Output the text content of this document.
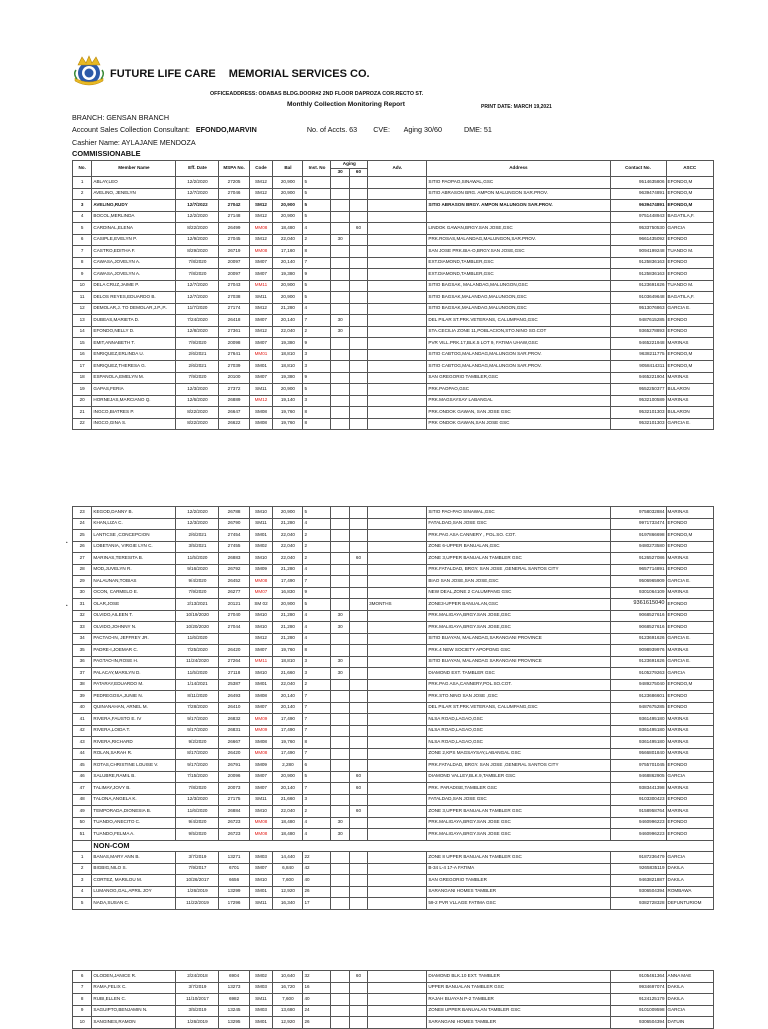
FUTURE LIFE CARE MEMORIAL SERVICES CO.
OFFICEADDRESS: ODABAS BLDG.DOOR#2 2ND FLOOR DAPROZA COR.RECTO ST.
Monthly Collection Monitoring Report	PRINT DATE: MARCH 19,2021
BRANCH: GENSAN BRANCH
Account Sales Collection Consultant: EFONDO,MARVIN	No. of Accts. 63 CVE: Aging 30/60	DME: 51
Cashier Name: AYLAJANE MENDOZA
COMMISSIONABLE
No.	Member Name	Eff. Date	MSPA No.	Code	Bal	Inst. No	Aging		Adv.	Address	Contact No.	ASCC
							30	60				
1	ABLAY,LEO	12/2/2020	27205	SM12	20,900	5				SITIO PAOPAO,SINAWAL,GSC	9514635806	EFONDO,M
2	AVELINO, JENELYN	12/7/2020	27046	SM12	20,900	5				SITIO ABRASON BRG. AMPON MALUNGON SAR.PROV.	9639474891	EFONDO,M
3	AVELINO,RUDY	12/7/2022	27042	SM12	20,900	5				SITIO ABRASON BRGY. AMPON MALUNGON SAR.PROV.	9639474891	EFONDO,M
4	BOCOL,MERLINDA	12/2/2020	27148	SM12	20,900	5					9751448943	BAGATILA,F.
5	CARDINAL,ELENA	8/22/2020	26499	MM08	18,480	4		60		LINDOK GAWAN,BRGY.SAN JOSE,GSC	9533750530	GARCIA
6	CASIPLE,EVELYN P.	12/9/2020	27045	SM12	22,040	2	30			PRK.ROSAS,MALANDAG,MALUNGON,SAR.PROV.	9661435092	EFONDO
7	CASTRO,EDITHA F.	8/29/2020	26719	MM08	17,160	8				SAN JOSE PRK.BIA-O,BRGY.SAN JOSE,GSC	9094199248	TUANDO M.
8	CAWASA,JOVELYN A.	7/8/2020	20097	SM07	20,140	7				EXT.DIAMOND,TAMBLER,GSC	9125836163	EFONDO
9	CAWASA,JOVELYN A.	7/8/2020	20097	SM07	19,380	9				EXT.DIAMOND,TAMBLER,GSC	9125836163	EFONDO
10	DELA CRUZ,JAIME P.	12/7/2020	27043	MM11	20,900	5				SITIO BAGSAK, MALANDAG,MALUNGON,GSC	9123691626	TUANDO M.
11	DELOS REYES,EDUARDO B.	12/7/2020	27038	SM11	20,900	5				SITIO BAGSAK,MALANDAG,MALUNGON,GSC	9103649648	BAGATILA,F.
12	DEMOLAR,J. TO DEMOLAR,J.P.,P..	11/7/2020	27174	SM12	21,280	4				SITIO BAGSAK,MALANDAG,MALUNGON,GSC	9513076863	GARCIA E.
13	DUBEAS,MARIETA D.	7/24/2020	26418	SM07	20,140	7	30			DEL PILAR ST.PRK.VETERANS, CALUMPANG,GSC	9487615285	EFONDO
14	EFONDO,NELLY D.	12/8/2020	27361	SM12	22,040	2	30			STA.CECILIA ZONE 11,POBLACION,STO.NINO SO.COT	9365278893	EFONDO
15	EMIT,ANNABETH T.	7/9/2020	20098	SM07	19,380	9				PVR VILL.PRK.17,BLK.5 LOT 9, FATIMA UHAW,GSC	9465221948	MARINAS
16	ENRIQUEZ,ERLINDA U.	2/6/2021	27641	MM01	18,810	3				SITIO CABTOG,MALANDAG,MALUNGON SAR.PROV.	9638211775	EFONDO,M
17	ENRIQUEZ,THERESA G.	2/6/2021	27039	SM01	18,810	3				SITIO CABTOG,MALANDAG,MALUNGON SAR.PROV.	9058414311	EFONDO,M
18	ESPANOLA,EMELYN M.	7/9/2020	20100	SM07	19,380	9				SAN GREGORIO TAMBLER,GSC	9465221904	MARINAS
19	GAPAS,FERIA	12/3/2020	27372	SM11	20,900	5				PRK.PAOPAO,GSC	9552250377	BULARON
20	HORNEJAS,MARCIANO Q.	12/6/2020	26889	MM12	19,140	3				PRK.MAGSAYSAY LABANGAL	9532100589	MARINAS
21	INGCO,BIATRES P.	8/22/2020	26647	SM08	19,760	8				PRK.ONDOK GAWAN, SAN JOSE GSC	9532101303	BULARON
22	INGCO,GINA S.	8/22/2020	26622	SM08	19,760	8				PRK ONDOK GAWAN,SAN JOSE GSC	9532101303	GARCIA E.
23	KEGOD,DANNY B.	12/2/2020	26788	SM10	20,900	5				SITIO PAO-PAO SINAWAL,GSC	9758032884	MARINAS
24	KHAN,LIZA C.	12/3/2020	26790	SM11	21,280	4				FATALDAD,SAN JOSE GSC	9971733474	EFONDO
25	LANTICSE ,CONCEPCION	2/6/2021	27454	SM01	22,040	2				PRK.PAG ASA CANNERY , POL.SO. COT.	9197866698	EFONDO,M
26	LOBETANIA, VIRGIE LYN C.	3/5/2021	27455	SM02	22,040	2				ZONE 6-UPPER BANUALAN,GSC	9480273580	EFONDO
27	MARINAS,TERESITA B.	11/5/2020	26883	SM10	22,040	2		60		ZONE 3,UPPER BANUALAN TAMBLER GSC	9126527086	MARINAS
28	MOD,JUVELYN R.	9/16/2020	26792	SM09	21,280	4				PRK.FATALDAD, BRGY. SAN JOSE ,GENERAL SANTOS CITY	9657714891	EFONDO
29	NALAUNAN,TOBIAS	9/4/2020	26452	MM08	17,490	7				BIAO SAN JOSE,SAN JOSE,GSC	9506965909	GARCIA E.
30	OCON, CARMELO E.	7/9/2020	26277	MM07	16,830	9				NEW DEAL,ZONE 2 CALUMPANG GSC	9301064109	MARINAS
31	OLAR,JOSE	2/13/2021	20121	SM 02	20,900	5			3MONTHS	ZONE3-UPPER BANUALAN,GSC	9361615040	EFONDO
32	OLVIDO,AILEEN T.	10/19/2020	27040	SM10	21,280	4	30			PRK.MALIGAYA,BRGY.SAN JOSE,GSC	9068527616	EFONDO
33	OLVIDO,JOHNNY N.	10/20/2020	27044	SM10	21,280	4	30			PRK.MALIGAYA,BRGY.SAN JOSE,GSC	9068527616	EFONDO
34	PACTAO-IN, JEFFREY JR.	11/6/2020		SM12	21,280	4				SITIO BUAYAN, MALANDAG,SARANGANI PROVINCE	9123691626	GARCIA E.
35	PADRE-I,JOEMAR C.	7/25/2020	26420	SM07	19,760	8				PRK.4 NEW SOCIETY APOPONG GSC	9098939976	MARINAS
36	PAGTAO-IN,ROSE H.	11/24/2020	27264	MM11	18,810	3	30			SITIO BUAYAN, MALANDAG SARANGANI PROVINCE	9123691626	GARCIA E.
37	PALACAY,MARILYN D.	11/5/2020	27118	SM10	21,660	3	30			DIAMOND EXT. TAMBLER GSC	9105279263	GARCIA
38	PATARAY,EDUARDO M.	1/14/2021	25387	SM01	22,040	2				PRK.PAG ASA,CANNERY,POL.SO.COT.	9489275040	EFONDO,M
39	PEDREGOSA,JUNIE N.	8/11/2020	26493	SM08	20,140	7				PRK.STO.NINO SAN JOSE ,GSC	9123686601	EFONDO
40	QUINANAHAN, ARNEL M.	7/28/2020	26410	SM07	20,140	7				DEL PILAR ST.PRK.VETERANS, CALUMPANG,GSC	9487675285	EFONDO
41	RIVERA,FAUSTO E. IV	9/17/2020	26832	MM09	17,490	7				NLSA ROAD,LAGAO,GSC	9361495180	MARINAS
42	RIVERA,LOIDA T.	9/17/2020	26831	MM09	17,490	7				NLSA ROAD,LAGAO,GSC	9361495180	MARINAS
43	RIVERA,RICHARD	9/2/2020	26667	SM08	19,760	8				NLSA ROAD,LAGAO,GSC	9361495180	MARINAS
44	ROLAN,SARAH R.	8/17/2020	26420	MM08	17,490	7				ZONE 2,KPS MAGSAYSAY,LABANGAL GSC	9566801840	MARINAS
45	ROTAS,CHRISTINE LOUISE V.	9/17/2020	26791	SM09	2,280	6				PRK.FATALDAD, BRGY. SAN JOSE ,GENERAL SANTOS CITY	9755701045	EFONDO
46	SALUBRE,RAMIL B.	7/15/2020	20096	SM07	20,900	5		60		DIAMOND VALLEY,BLK.9,TAMBLER GSC	9468862905	GARCIA
47	TALIMAY,JOVY B.	7/8/2020	20073	SM07	20,140	7		60		PRK. PARADISE,TAMBLER GSC	9383441398	MARINAS
48	TALONA,ANGELA K.	12/3/2020	27175	SM11	21,660	3				FATALDAD,SAN JOSE GSC	9103300423	EFONDO
49	TEMPORADA,DIONESIA B.	11/6/2020	26884	SM10	22,040	2		60		ZONE 3,UPPER BANUALAN TAMBLER GSC	9158958764	MARINAS
50	TUANDO,ANECITO C.	9/4/2020	26723	MM08	18,480	4	30			PRK.MALIGAYA,BRGY.SAN JOSE GSC	9460996223	EFONDO
51	TUANDO,FELMA A.	9/5/2020	26723	MM08	18,480	4	30			PRK.MALIGAYA,BRGY.SAN JOSE GSC	9460996223	EFONDO
	NON-COM											
1	BANAS,MARY ANN B.	3/7/2019	13271	SM03	14,440	22				ZONE 8 UPPER BANUALAN TAMBLER GSC	9187236479	GARCIA
2	BIGBIG,NILO S.	7/9/2017	6701	SM07	6,840	42				B-34 L-4 17-A FATIMA	9265835119	DAKILA
3	CORTEZ, MARILOU M.	10/26/2017	6656	SM10	7,600	40				SAN GREGORIO TAMBLER	9463821887	DAKILA
4	LUMANOG,GAL,APRIL JOY	1/26/2019	13299	SM01	12,920	26				SARANGANI HOMES TAMBLER	9306504394	ROMBAWA
5	NADA,SUSAN C.	11/22/2019	17296	SM11	16,340	17				59-2 PVR VLLAGE FATIMA GSC	9382728328	DEFUNTURIOM
6	OLODEN,JANICE R.	2/24/2018	6904	SM02	10,640	32		60		DIAMOND BLK.10 EXT. TAMBLER	9105461364	ANNA MAE
7	RAMA,FELIX C.	3/7/2019	13273	SM03	16,720	16				UPPER BANUALAN TAMBLER GSC	9934697074	DAKILA
8	RUBI,ELLEN C.	11/10/2017	6982	SM11	7,600	40				RAJAH BUAYAN P-2 TAMBLER	9124125179	DAKILA
9	SAGUIPTO,BENJAMIN N.	3/5/2019	13245	SM03	13,680	24				ZONE8 UPPER BANUALAN TAMBLER GSC	9101009598	GARCIA
10	SANGINES,RAMON	1/26/2019	13295	SM01	12,920	26				SARANGANI HOMES TAMBLER	9306504394	DATUIN
•
•
